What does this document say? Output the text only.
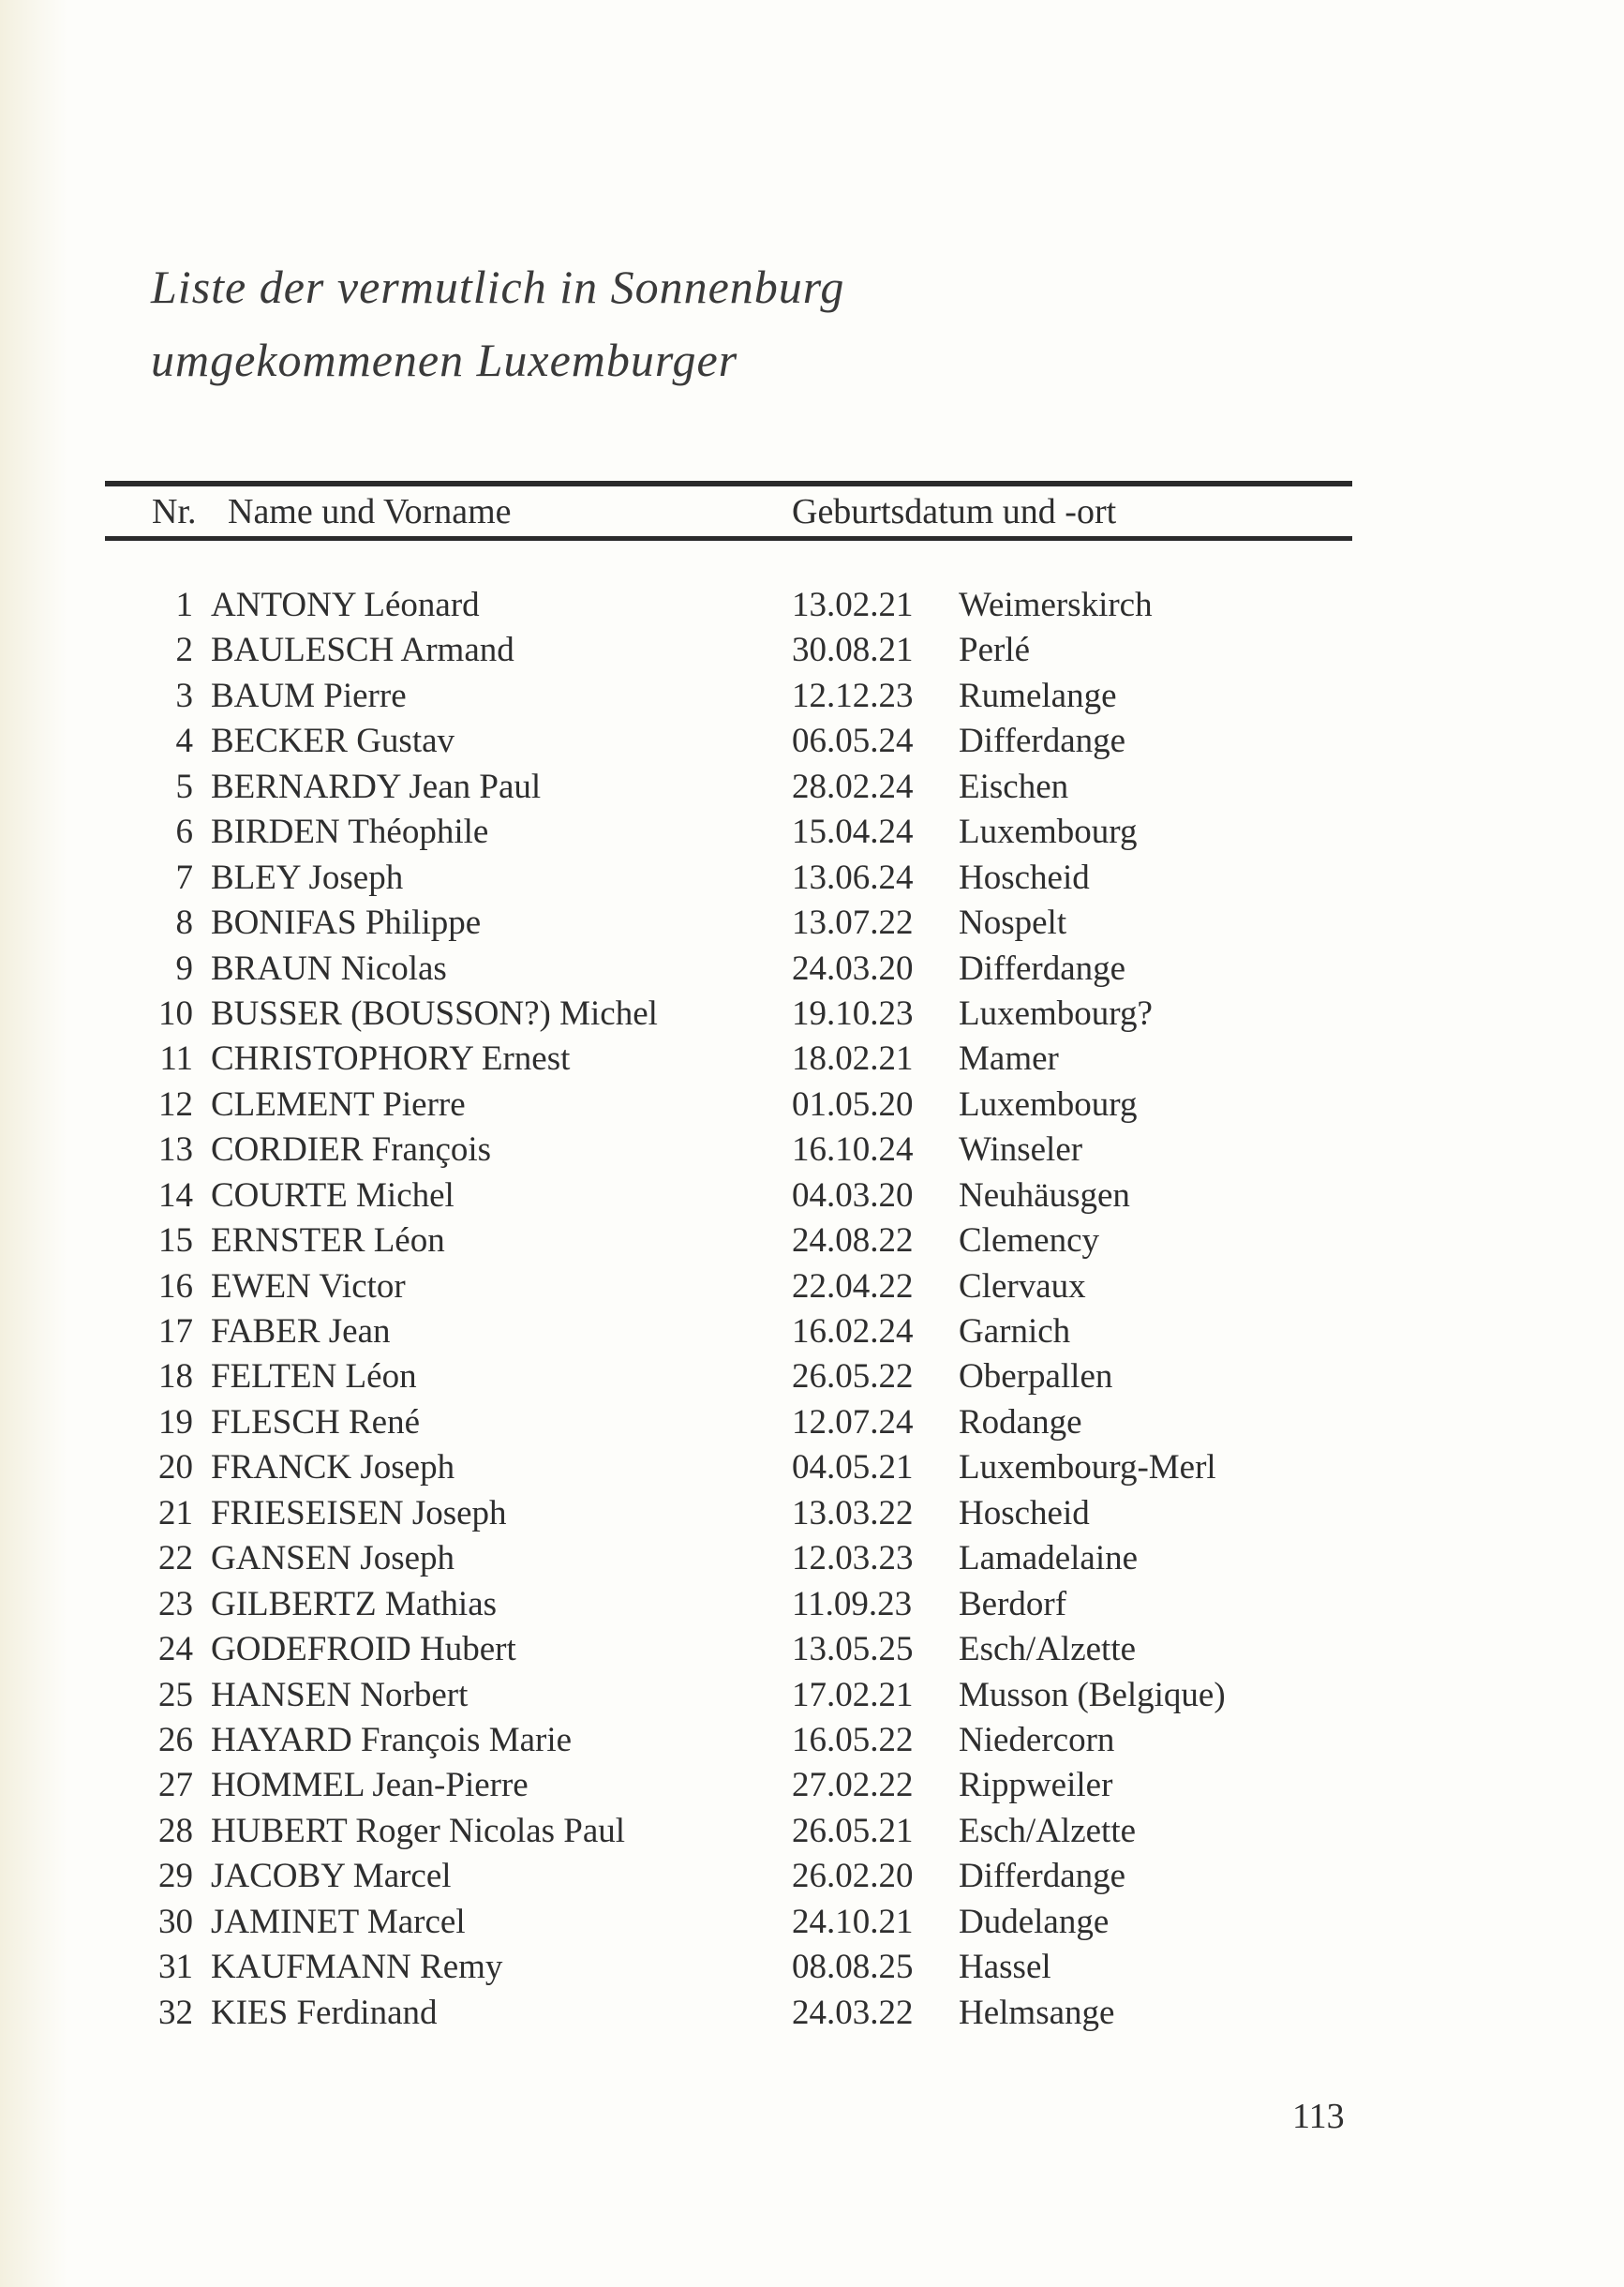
Liste der vermutlich in Sonnenburg
umgekommenen Luxemburger
Nr. Name und Vorname	Geburtsdatum und -ort
1 ANTONY Léonard	13.02.21	Weimerskirch
2 BAULESCH Armand	30.08.21	Perlé
3 BAUM Pierre	12.12.23	Rumelange
4 BECKER Gustav	06.05.24	Differdange
5 BERNARDY Jean Paul	28.02.24	Eischen
6 BIRDEN Théophile	15.04.24	Luxembourg
7 BLEY Joseph	13.06.24	Hoscheid
8 BONIFAS Philippe	13.07.22	Nospelt
9 BRAUN Nicolas	24.03.20	Differdange
10 BUSSER (BOUSSON?) Michel	19.10.23	Luxembourg?
11 CHRISTOPHORY Ernest	18.02.21	Mamer
12 CLEMENT Pierre	01.05.20	Luxembourg
13 CORDIER François	16.10.24	Winseler
14 COURTE Michel	04.03.20	Neuhäusgen
15 ERNSTER Léon	24.08.22	Clemency
16 EWEN Victor	22.04.22	Clervaux
17 FABER Jean	16.02.24	Garnich
18 FELTEN Léon	26.05.22	Oberpallen
19 FLESCH René	12.07.24	Rodange
20 FRANCK Joseph	04.05.21	Luxembourg-Merl
21 FRIESEISEN Joseph	13.03.22	Hoscheid
22 GANSEN Joseph	12.03.23	Lamadelaine
23 GILBERTZ Mathias	11.09.23	Berdorf
24 GODEFROID Hubert	13.05.25	Esch/Alzette
25 HANSEN Norbert	17.02.21	Musson (Belgique)
26 HAYARD François Marie	16.05.22	Niedercorn
27 HOMMEL Jean-Pierre	27.02.22	Rippweiler
28 HUBERT Roger Nicolas Paul	26.05.21	Esch/Alzette
29 JACOBY Marcel	26.02.20	Differdange
30 JAMINET Marcel	24.10.21	Dudelange
31 KAUFMANN Remy	08.08.25	Hassel
32 KIES Ferdinand	24.03.22	Helmsange
113
